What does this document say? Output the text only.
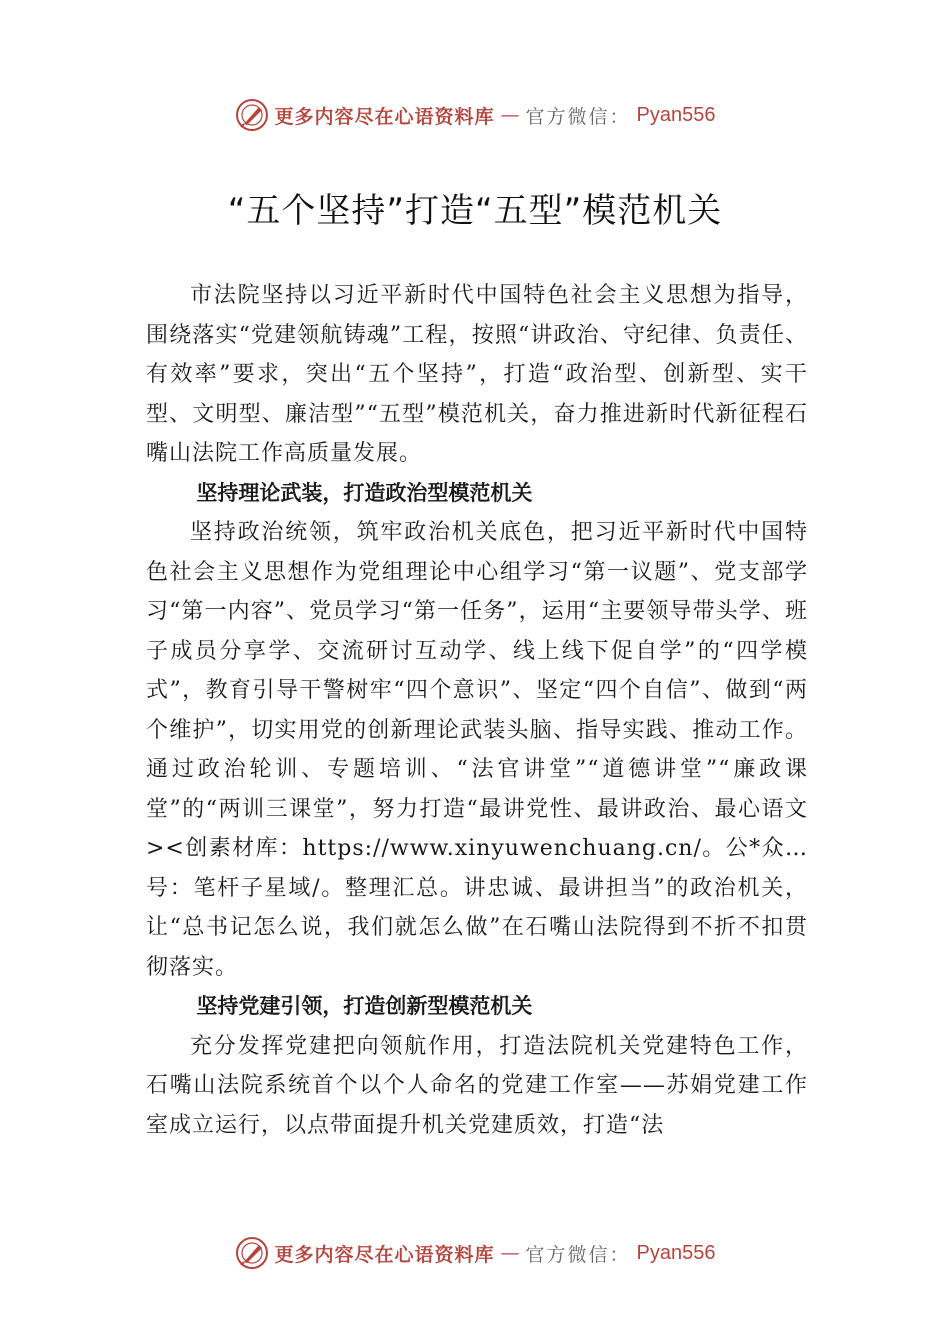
更多内容尽在心语资料库 — 官方微信： Pyan556
“五个坚持”打造“五型”模范机关

市法院坚持以习近平新时代中国特色社会主义思想为指导，围绕落实“党建领航铸魂”工程，按照“讲政治、守纪律、负责任、有效率”要求，突出“五个坚持”，打造“政治型、创新型、实干型、文明型、廉洁型”“五型”模范机关，奋力推进新时代新征程石嘴山法院工作高质量发展。

坚持理论武装，打造政治型模范机关

坚持政治统领，筑牢政治机关底色，把习近平新时代中国特色社会主义思想作为党组理论中心组学习“第一议题”、党支部学习“第一内容”、党员学习“第一任务”，运用“主要领导带头学、班子成员分享学、交流研讨互动学、线上线下促自学”的“四学模式”，教育引导干警树牢“四个意识”、坚定“四个自信”、做到“两个维护”，切实用党的创新理论武装头脑、指导实践、推动工作。通过政治轮训、专题培训、“法官讲堂”“道德讲堂”“廉政课堂”的“两训三课堂”，努力打造“最讲党性、最讲政治、最心语文><创素材库：https://www.xinyuwenchuang.cn/。公*众…号：笔杆子星域/。整理汇总。讲忠诚、最讲担当”的政治机关，让“总书记怎么说，我们就怎么做”在石嘴山法院得到不折不扣贯彻落实。

坚持党建引领，打造创新型模范机关

充分发挥党建把向领航作用，打造法院机关党建特色工作，石嘴山法院系统首个以个人命名的党建工作室——苏娟党建工作室成立运行，以点带面提升机关党建质效，打造“法

更多内容尽在心语资料库 — 官方微信： Pyan556
